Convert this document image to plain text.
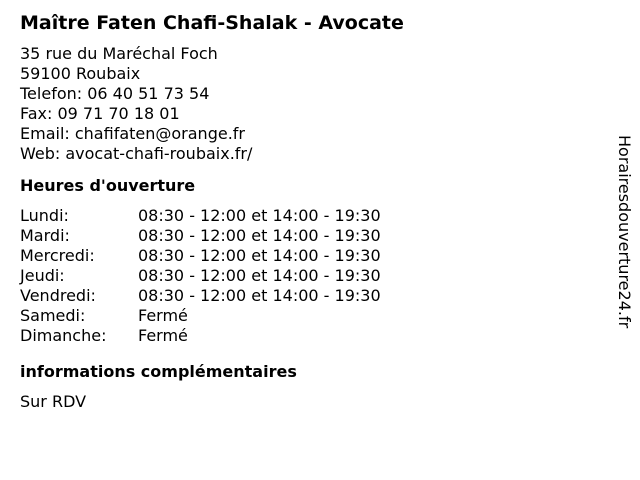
Maître Faten Chafi-Shalak - Avocate
35 rue du Maréchal Foch
59100 Roubaix
Telefon: 06 40 51 73 54
Fax: 09 71 70 18 01
Email: chafifaten@orange.fr
Web: avocat-chafi-roubaix.fr/
Heures d'ouverture
Lundi:	08:30 - 12:00 et 14:00 - 19:30
Mardi:	08:30 - 12:00 et 14:00 - 19:30
Mercredi:	08:30 - 12:00 et 14:00 - 19:30
Jeudi:	08:30 - 12:00 et 14:00 - 19:30
Vendredi:	08:30 - 12:00 et 14:00 - 19:30
Samedi:	Fermé
Dimanche:	Fermé
informations complémentaires
Sur RDV
Horairesdouverture24.fr
